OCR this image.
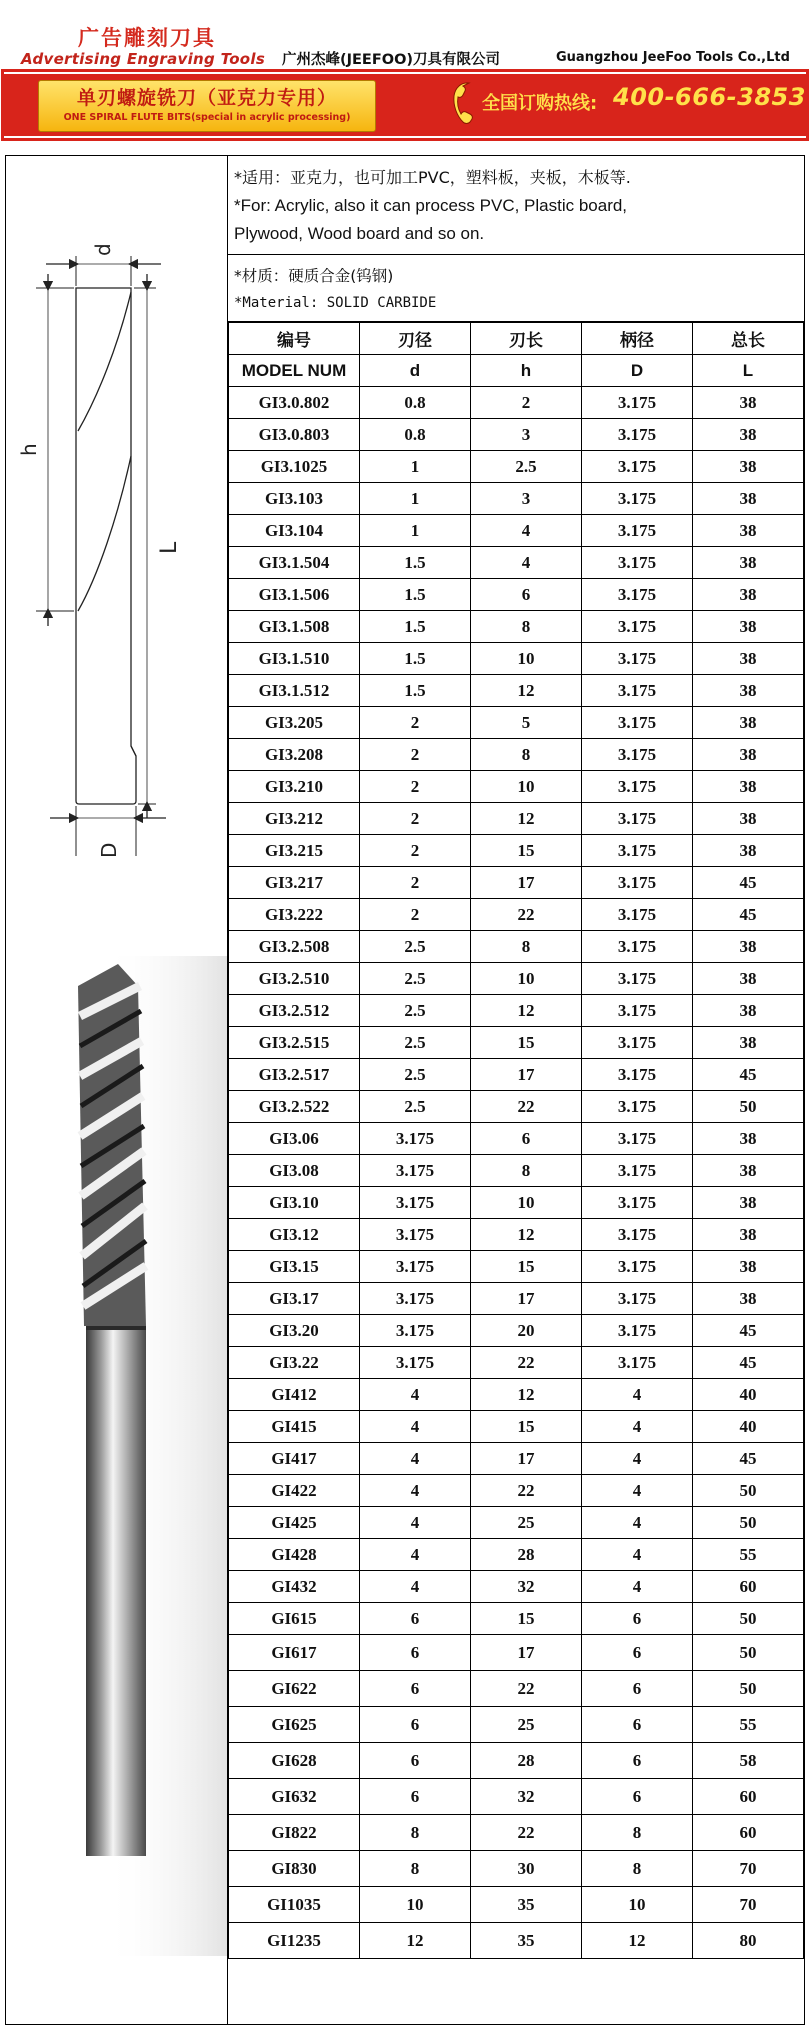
广告雕刻刀具
Advertising Engraving Tools 广州杰峰(JEEFOO)刀具有限公司	Guangzhou JeeFoo Tools Co.,Ltd
单刃螺旋铣刀（亚克力专用）
ONE SPIRAL FLUTE BITS(special in acrylic processing)
全国订购热线: 400-666-3853
d
h
L
D
*适用：亚克力，也可加工PVC，塑料板，夹板，木板等.
*For: Acrylic, also it can process PVC, Plastic board,
Plywood, Wood board and so on.
*材质：硬质合金(钨钢)
*Material: SOLID CARBIDE
编号	刃径	刃长	柄径	总长
MODEL NUM	d	h	D	L
GI3.0.802	0.8	2	3.175	38
GI3.0.803	0.8	3	3.175	38
GI3.1025	1	2.5	3.175	38
GI3.103	1	3	3.175	38
GI3.104	1	4	3.175	38
GI3.1.504	1.5	4	3.175	38
GI3.1.506	1.5	6	3.175	38
GI3.1.508	1.5	8	3.175	38
GI3.1.510	1.5	10	3.175	38
GI3.1.512	1.5	12	3.175	38
GI3.205	2	5	3.175	38
GI3.208	2	8	3.175	38
GI3.210	2	10	3.175	38
GI3.212	2	12	3.175	38
GI3.215	2	15	3.175	38
GI3.217	2	17	3.175	45
GI3.222	2	22	3.175	45
GI3.2.508	2.5	8	3.175	38
GI3.2.510	2.5	10	3.175	38
GI3.2.512	2.5	12	3.175	38
GI3.2.515	2.5	15	3.175	38
GI3.2.517	2.5	17	3.175	45
GI3.2.522	2.5	22	3.175	50
GI3.06	3.175	6	3.175	38
GI3.08	3.175	8	3.175	38
GI3.10	3.175	10	3.175	38
GI3.12	3.175	12	3.175	38
GI3.15	3.175	15	3.175	38
GI3.17	3.175	17	3.175	38
GI3.20	3.175	20	3.175	45
GI3.22	3.175	22	3.175	45
GI412	4	12	4	40
GI415	4	15	4	40
GI417	4	17	4	45
GI422	4	22	4	50
GI425	4	25	4	50
GI428	4	28	4	55
GI432	4	32	4	60
GI615	6	15	6	50
GI617	6	17	6	50
GI622	6	22	6	50
GI625	6	25	6	55
GI628	6	28	6	58
GI632	6	32	6	60
GI822	8	22	8	60
GI830	8	30	8	70
GI1035	10	35	10	70
GI1235	12	35	12	80
